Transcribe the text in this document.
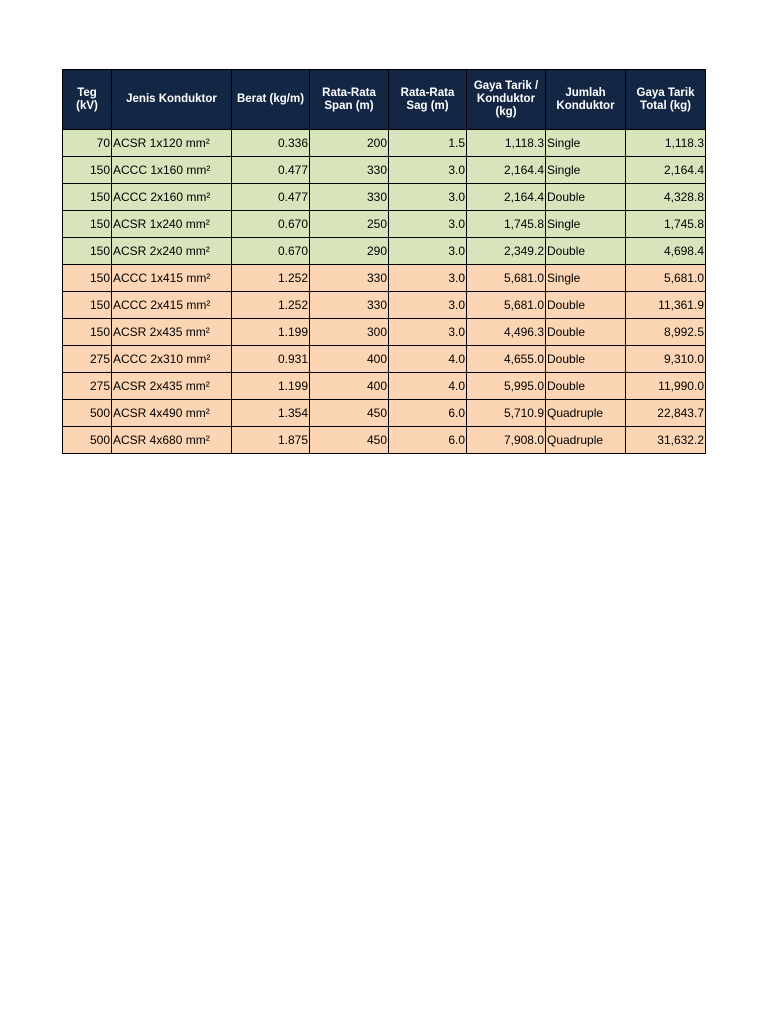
Teg (kV)	Jenis Konduktor	Berat (kg/m)	Rata-Rata Span (m)	Rata-Rata Sag (m)	Gaya Tarik / Konduktor (kg)	Jumlah Konduktor	Gaya Tarik Total (kg)
70	ACSR 1x120 mm²	0.336	200	1.5	1,118.3	Single	1,118.3
150	ACCC 1x160 mm²	0.477	330	3.0	2,164.4	Single	2,164.4
150	ACCC 2x160 mm²	0.477	330	3.0	2,164.4	Double	4,328.8
150	ACSR 1x240 mm²	0.670	250	3.0	1,745.8	Single	1,745.8
150	ACSR 2x240 mm²	0.670	290	3.0	2,349.2	Double	4,698.4
150	ACCC 1x415 mm²	1.252	330	3.0	5,681.0	Single	5,681.0
150	ACCC 2x415 mm²	1.252	330	3.0	5,681.0	Double	11,361.9
150	ACSR 2x435 mm²	1.199	300	3.0	4,496.3	Double	8,992.5
275	ACCC 2x310 mm²	0.931	400	4.0	4,655.0	Double	9,310.0
275	ACSR 2x435 mm²	1.199	400	4.0	5,995.0	Double	11,990.0
500	ACSR 4x490 mm²	1.354	450	6.0	5,710.9	Quadruple	22,843.7
500	ACSR 4x680 mm²	1.875	450	6.0	7,908.0	Quadruple	31,632.2
